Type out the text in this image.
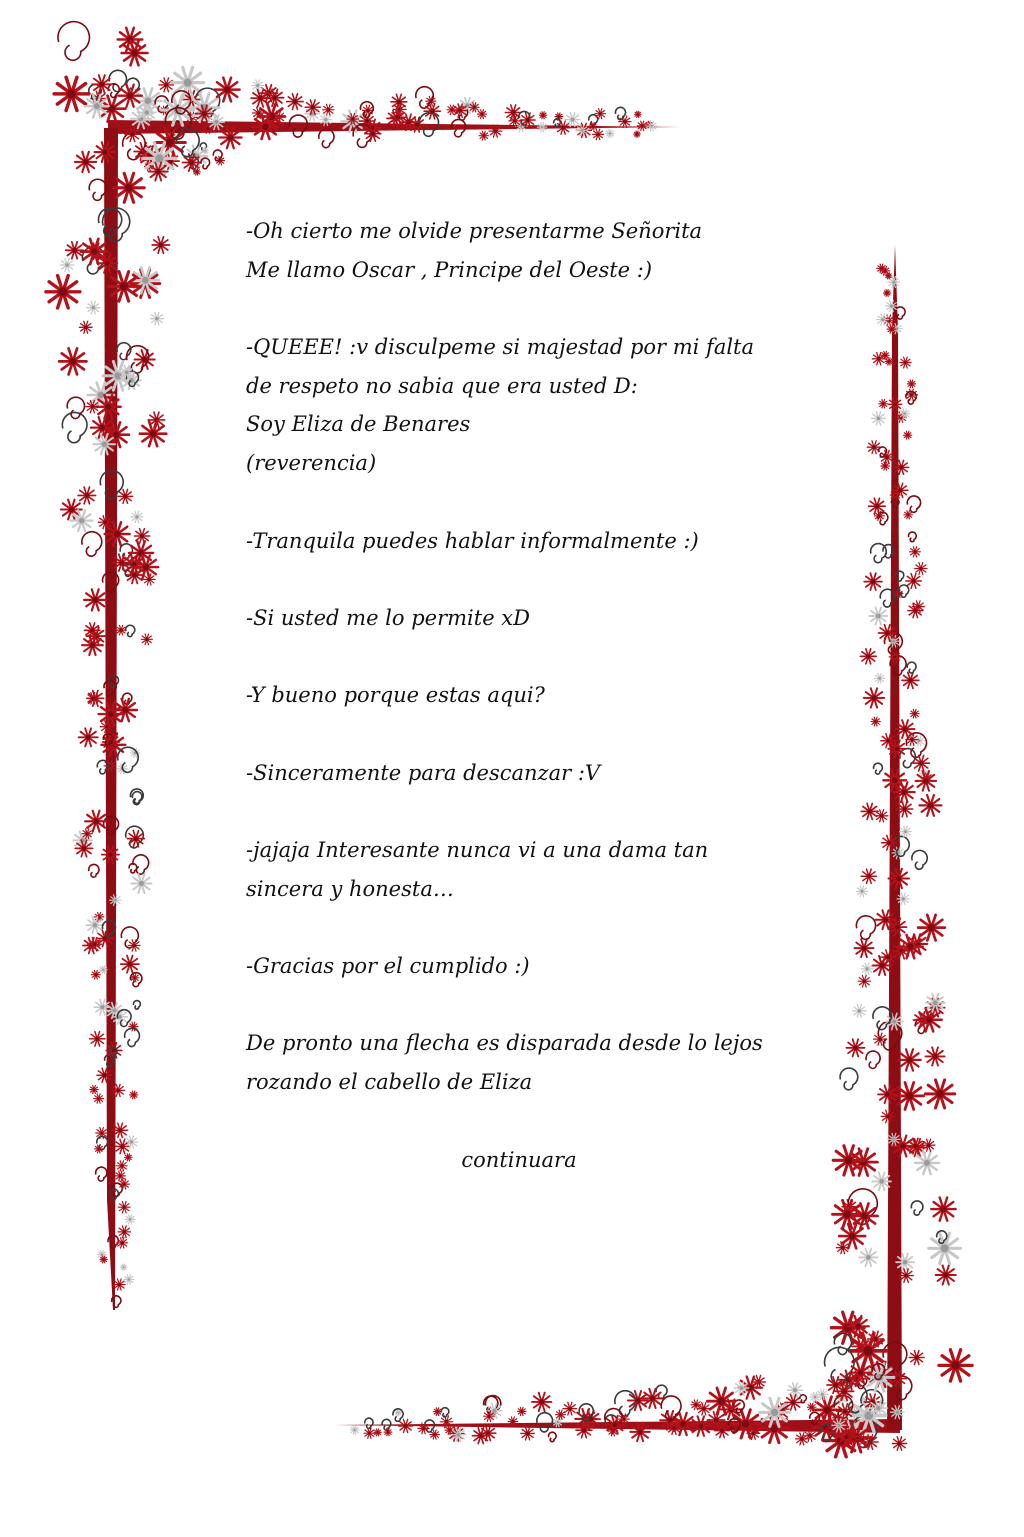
-Oh cierto me olvide presentarme Señorita
Me llamo Oscar , Principe del Oeste :)
-QUEEE! :v disculpeme si majestad por mi falta
de respeto no sabia que era usted D:
Soy Eliza de Benares
(reverencia)
-Tranquila puedes hablar informalmente :)
-Si usted me lo permite xD
-Y bueno porque estas aqui?
-Sinceramente para descanzar :V
-jajaja Interesante nunca vi a una dama tan
sincera y honesta…
-Gracias por el cumplido :)
De pronto una flecha es disparada desde lo lejos
rozando el cabello de Eliza
continuara
